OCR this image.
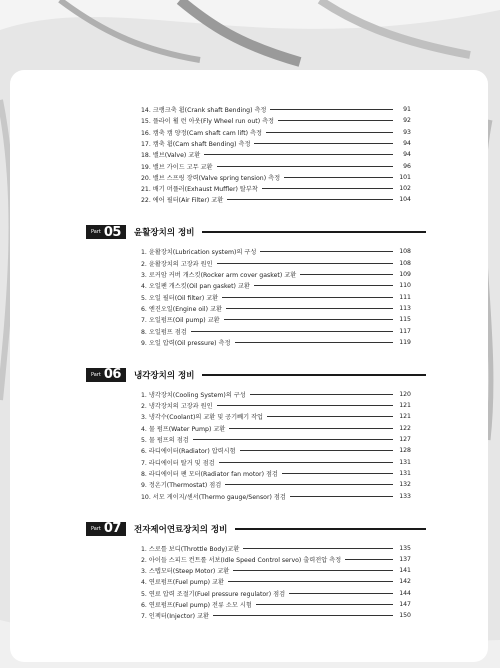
14. 크랭크축 휨(Crank shaft Bending) 측정	91
15. 플라이 휠 런 아웃(Fly Wheel run out) 측정	92
16. 캠축 캠 양정(Cam shaft cam lift) 측정	93
17. 캠축 휨(Cam shaft Bending) 측정	94
18. 밸브(Valve) 교환	94
19. 밸브 가이드 고무 교환	96
20. 밸브 스프링 장력(Valve spring tension) 측정	101
21. 배기 머플러(Exhaust Muffler) 탈부착	102
22. 에어 필터(Air Filter) 교환	104
Part 05 윤활장치의 정비
1. 윤활장치(Lubrication system)의 구성	108
2. 윤활장치의 고장과 원인	108
3. 로커암 커버 개스킷(Rocker arm cover gasket) 교환	109
4. 오일팬 개스킷(Oil pan gasket) 교환	110
5. 오일 필터(Oil filter) 교환	111
6. 엔진오일(Engine oil) 교환	113
7. 오일펌프(Oil pump) 교환	115
8. 오일펌프 점검	117
9. 오일 압력(Oil pressure) 측정	119
Part 06 냉각장치의 정비
1. 냉각장치(Cooling System)의 구성	120
2. 냉각장치의 고장과 원인	121
3. 냉각수(Coolant)의 교환 및 공기빼기 작업	121
4. 물 펌프(Water Pump) 교환	122
5. 물 펌프의 점검	127
6. 라디에이터(Radiator) 압력시험	128
7. 라디에이터 탈거 및 점검	131
8. 라디에이터 팬 모터(Radiator fan motor) 점검	131
9. 정온기(Thermostat) 점검	132
10. 서모 게이지/센서(Thermo gauge/Sensor) 점검	133
Part 07 전자제어연료장치의 정비
1. 스로틀 보디(Throttle Body)교환	135
2. 아이들 스피드 컨트롤 서보(Idle Speed Control servo) 출력전압 측정	137
3. 스텝모터(Steep Motor) 교환	141
4. 연료펌프(Fuel pump) 교환	142
5. 연료 압력 조절기(Fuel pressure regulator) 점검	144
6. 연료펌프(Fuel pump) 전류 소모 시험	147
7. 인젝터(Injector) 교환	150
